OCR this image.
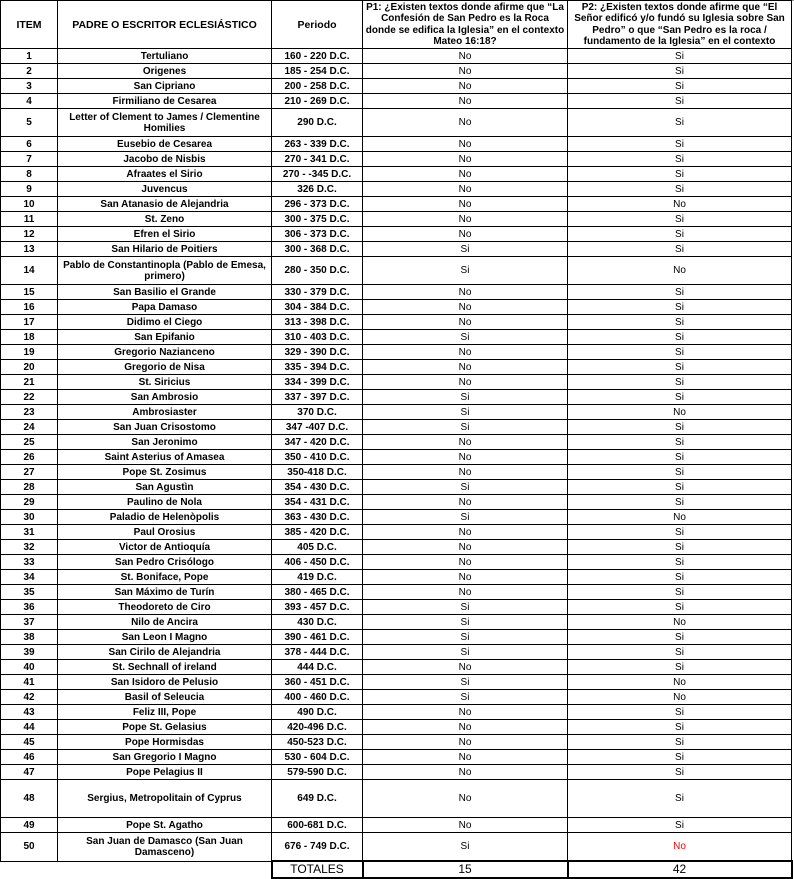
ITEM	PADRE O ESCRITOR ECLESIÁSTICO	Periodo	P1: ¿Existen textos donde afirme que “La Confesión de San Pedro es la Roca donde se edifica la Iglesia” en el contexto Mateo 16:18?	P2: ¿Existen textos donde afirme que “El Señor edificó y/o fundó su Iglesia sobre San Pedro” o que “San Pedro es la roca / fundamento de la Iglesia” en el contexto
1	Tertuliano	160 - 220 D.C.	No	Si
2	Origenes	185 - 254 D.C.	No	Si
3	San Cipriano	200 - 258 D.C.	No	Si
4	Firmiliano de Cesarea	210 - 269 D.C.	No	Si
5	Letter of Clement to James / Clementine Homilies	290 D.C.	No	Si
6	Eusebio de Cesarea	263 - 339 D.C.	No	Si
7	Jacobo de Nisbis	270 - 341 D.C.	No	Si
8	Afraates el Sirio	270 - -345 D.C.	No	Si
9	Juvencus	326 D.C.	No	Si
10	San Atanasio de Alejandria	296 - 373 D.C.	No	No
11	St. Zeno	300 - 375 D.C.	No	Si
12	Efren el Sirio	306 - 373 D.C.	No	Si
13	San Hilario de Poitiers	300 - 368 D.C.	Si	Si
14	Pablo de Constantinopla (Pablo de Emesa, primero)	280 - 350 D.C.	Si	No
15	San Basilio el Grande	330 - 379 D.C.	No	Si
16	Papa Damaso	304 - 384 D.C.	No	Si
17	Didimo el Ciego	313 - 398 D.C.	No	Si
18	San Epifanio	310 - 403 D.C.	Si	Si
19	Gregorio Nazianceno	329 - 390 D.C.	No	Si
20	Gregorio de Nisa	335 - 394 D.C.	No	Si
21	St. Siricius	334 - 399 D.C.	No	Si
22	San Ambrosio	337 - 397 D.C.	Si	Si
23	Ambrosiaster	370 D.C.	Si	No
24	San Juan Crisostomo	347 -407 D.C.	Si	Si
25	San Jeronimo	347 - 420 D.C.	No	Si
26	Saint Asterius of Amasea	350 - 410 D.C.	No	Si
27	Pope St. Zosimus	350-418 D.C.	No	Si
28	San Agustìn	354 - 430 D.C.	Si	Si
29	Paulino de Nola	354 - 431 D.C.	No	Si
30	Paladio de Helenòpolis	363 - 430 D.C.	Si	No
31	Paul Orosius	385 - 420 D.C.	No	Si
32	Victor de Antioquía	405 D.C.	No	Si
33	San Pedro Crisólogo	406 - 450 D.C.	No	Si
34	St. Boniface, Pope	419 D.C.	No	Si
35	San Máximo de Turín	380 - 465 D.C.	No	Si
36	Theodoreto de Ciro	393 - 457 D.C.	Si	Si
37	Nilo de Ancira	430 D.C.	Si	No
38	San Leon I Magno	390 - 461 D.C.	Si	Si
39	San Cirilo de Alejandria	378 - 444 D.C.	Si	Si
40	St. Sechnall of ireland	444 D.C.	No	Si
41	San Isidoro de Pelusio	360 - 451 D.C.	Si	No
42	Basil of Seleucia	400 - 460 D.C.	Si	No
43	Feliz III, Pope	490 D.C.	No	Si
44	Pope St. Gelasius	420-496 D.C.	No	Si
45	Pope Hormisdas	450-523 D.C.	No	Si
46	San Gregorio I Magno	530 - 604 D.C.	No	Si
47	Pope Pelagius II	579-590 D.C.	No	Si
48	Sergius, Metropolitain of Cyprus	649 D.C.	No	Si
49	Pope St. Agatho	600-681 D.C.	No	Si
50	San Juan de Damasco (San Juan Damasceno)	676 - 749 D.C.	Si	No
		TOTALES	15	42
